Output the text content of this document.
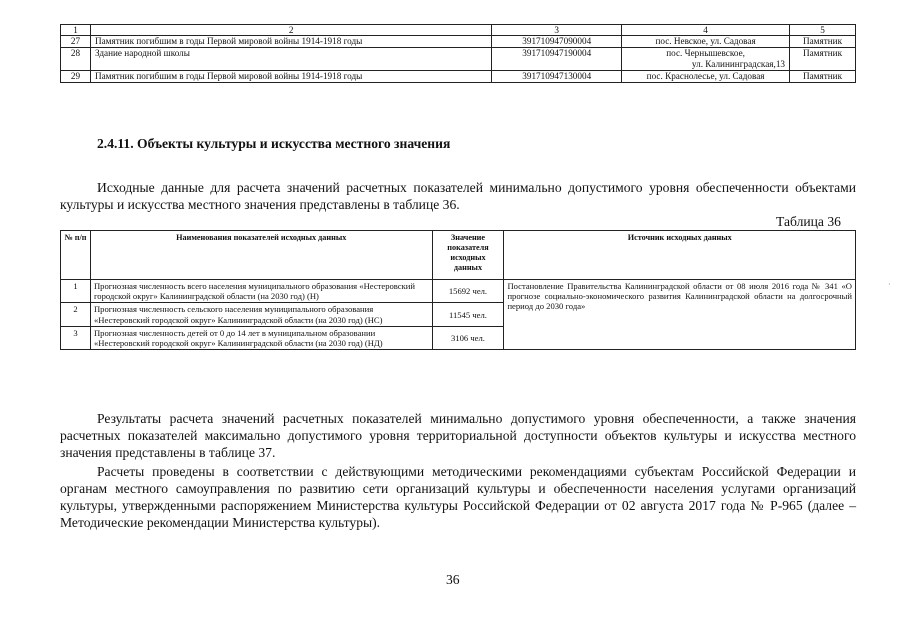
1	2	3	4	5
27	Памятник погибшим в годы Первой мировой войны 1914-1918 годы	391710947090004	пос. Невское, ул. Садовая	Памятник
28	Здание народной школы	391710947190004	пос. Чернышевское,
ул. Калининградская,13	Памятник
29	Памятник погибшим в годы Первой мировой войны 1914-1918 годы	391710947130004	пос. Краснолесье, ул. Садовая	Памятник
2.4.11. Объекты культуры и искусства местного значения
Исходные данные для расчета значений расчетных показателей минимально допустимого уровня обеспеченности объектами культуры и искусства местного значения представлены в таблице 36.
Таблица 36
№ п/п	Наименования показателей исходных данных	Значение показателя исходных данных	Источник исходных данных
1	Прогнозная численность всего населения муниципального образования «Нестеровский городской округ» Калининградской области (на 2030 год) (Н)	15692 чел.	Постановление Правительства Калининградской области от 08 июля 2016 года № 341 «О прогнозе социально-экономического развития Калининградской области на долгосрочный период до 2030 года»
2	Прогнозная численность сельского населения муниципального образования «Нестеровский городской округ» Калининградской области (на 2030 год) (НС)	11545 чел.	
3	Прогнозная численность детей от 0 до 14 лет в муниципальном образовании «Нестеровский городской округ» Калининградской области (на 2030 год) (НД)	3106 чел.	
Результаты расчета значений расчетных показателей минимально допустимого уровня обеспеченности, а также значения расчетных показателей максимально допустимого уровня территориальной доступности объектов культуры и искусства местного значения представлены в таблице 37.
Расчеты проведены в соответствии с действующими методическими рекомендациями субъектам Российской Федерации и органам местного самоуправления по развитию сети организаций культуры и обеспеченности населения услугами организаций культуры, утвержденными распоряжением Министерства культуры Российской Федерации от 02 августа 2017 года № Р-965 (далее – Методические рекомендации Министерства культуры).
36
·
